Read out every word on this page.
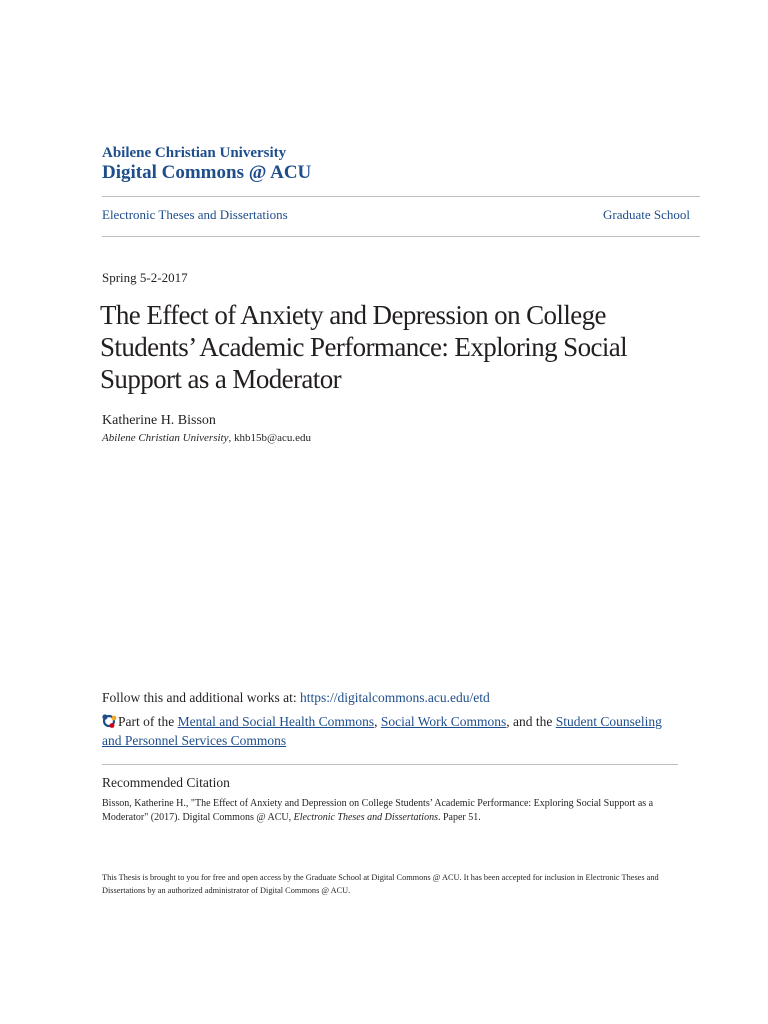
Abilene Christian University
Digital Commons @ ACU
Electronic Theses and Dissertations	Graduate School
Spring 5-2-2017
The Effect of Anxiety and Depression on College Students’ Academic Performance: Exploring Social Support as a Moderator
Katherine H. Bisson
Abilene Christian University, khb15b@acu.edu
Follow this and additional works at: https://digitalcommons.acu.edu/etd
Part of the Mental and Social Health Commons, Social Work Commons, and the Student Counseling and Personnel Services Commons
Recommended Citation
Bisson, Katherine H., "The Effect of Anxiety and Depression on College Students’ Academic Performance: Exploring Social Support as a Moderator" (2017). Digital Commons @ ACU, Electronic Theses and Dissertations. Paper 51.
This Thesis is brought to you for free and open access by the Graduate School at Digital Commons @ ACU. It has been accepted for inclusion in Electronic Theses and Dissertations by an authorized administrator of Digital Commons @ ACU.
